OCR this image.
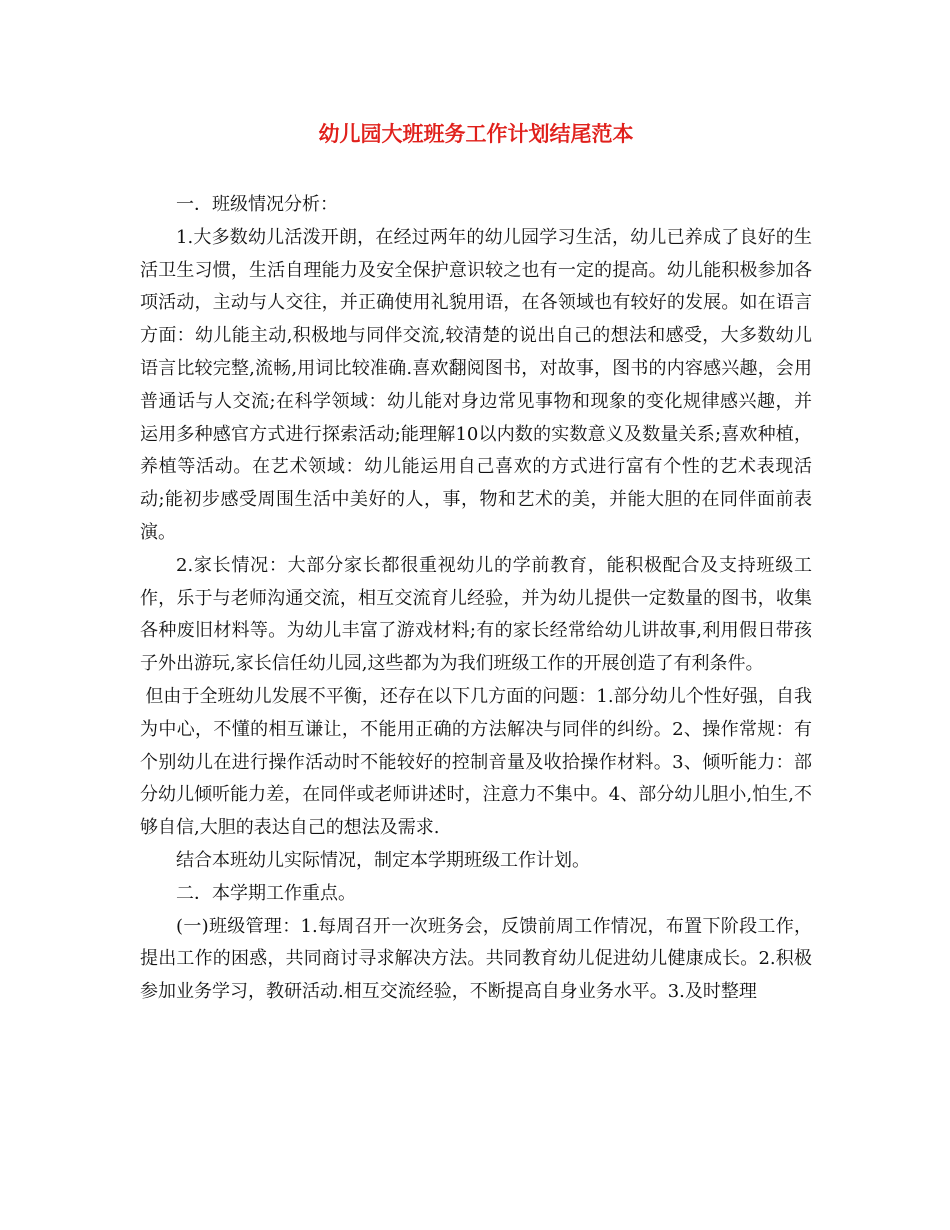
幼儿园大班班务工作计划结尾范本

一．班级情况分析：

1.大多数幼儿活泼开朗，在经过两年的幼儿园学习生活，幼儿已养成了良好的生活卫生习惯，生活自理能力及安全保护意识较之也有一定的提高。幼儿能积极参加各项活动，主动与人交往，并正确使用礼貌用语，在各领域也有较好的发展。如在语言方面：幼儿能主动,积极地与同伴交流,较清楚的说出自己的想法和感受，大多数幼儿语言比较完整,流畅,用词比较准确.喜欢翻阅图书，对故事，图书的内容感兴趣，会用普通话与人交流;在科学领域：幼儿能对身边常见事物和现象的变化规律感兴趣，并运用多种感官方式进行探索活动;能理解10以内数的实数意义及数量关系;喜欢种植，养植等活动。在艺术领域：幼儿能运用自己喜欢的方式进行富有个性的艺术表现活动;能初步感受周围生活中美好的人，事，物和艺术的美，并能大胆的在同伴面前表演。

2.家长情况：大部分家长都很重视幼儿的学前教育，能积极配合及支持班级工作，乐于与老师沟通交流，相互交流育儿经验，并为幼儿提供一定数量的图书，收集各种废旧材料等。为幼儿丰富了游戏材料;有的家长经常给幼儿讲故事,利用假日带孩子外出游玩,家长信任幼儿园,这些都为为我们班级工作的开展创造了有利条件。

但由于全班幼儿发展不平衡，还存在以下几方面的问题：1.部分幼儿个性好强，自我为中心，不懂的相互谦让，不能用正确的方法解决与同伴的纠纷。2、操作常规：有个别幼儿在进行操作活动时不能较好的控制音量及收拾操作材料。3、倾听能力：部分幼儿倾听能力差，在同伴或老师讲述时，注意力不集中。4、部分幼儿胆小,怕生,不够自信,大胆的表达自己的想法及需求.

结合本班幼儿实际情况，制定本学期班级工作计划。

二．本学期工作重点。

(一)班级管理：1.每周召开一次班务会，反馈前周工作情况，布置下阶段工作，提出工作的困惑，共同商讨寻求解决方法。共同教育幼儿促进幼儿健康成长。2.积极参加业务学习，教研活动.相互交流经验，不断提高自身业务水平。3.及时整理
